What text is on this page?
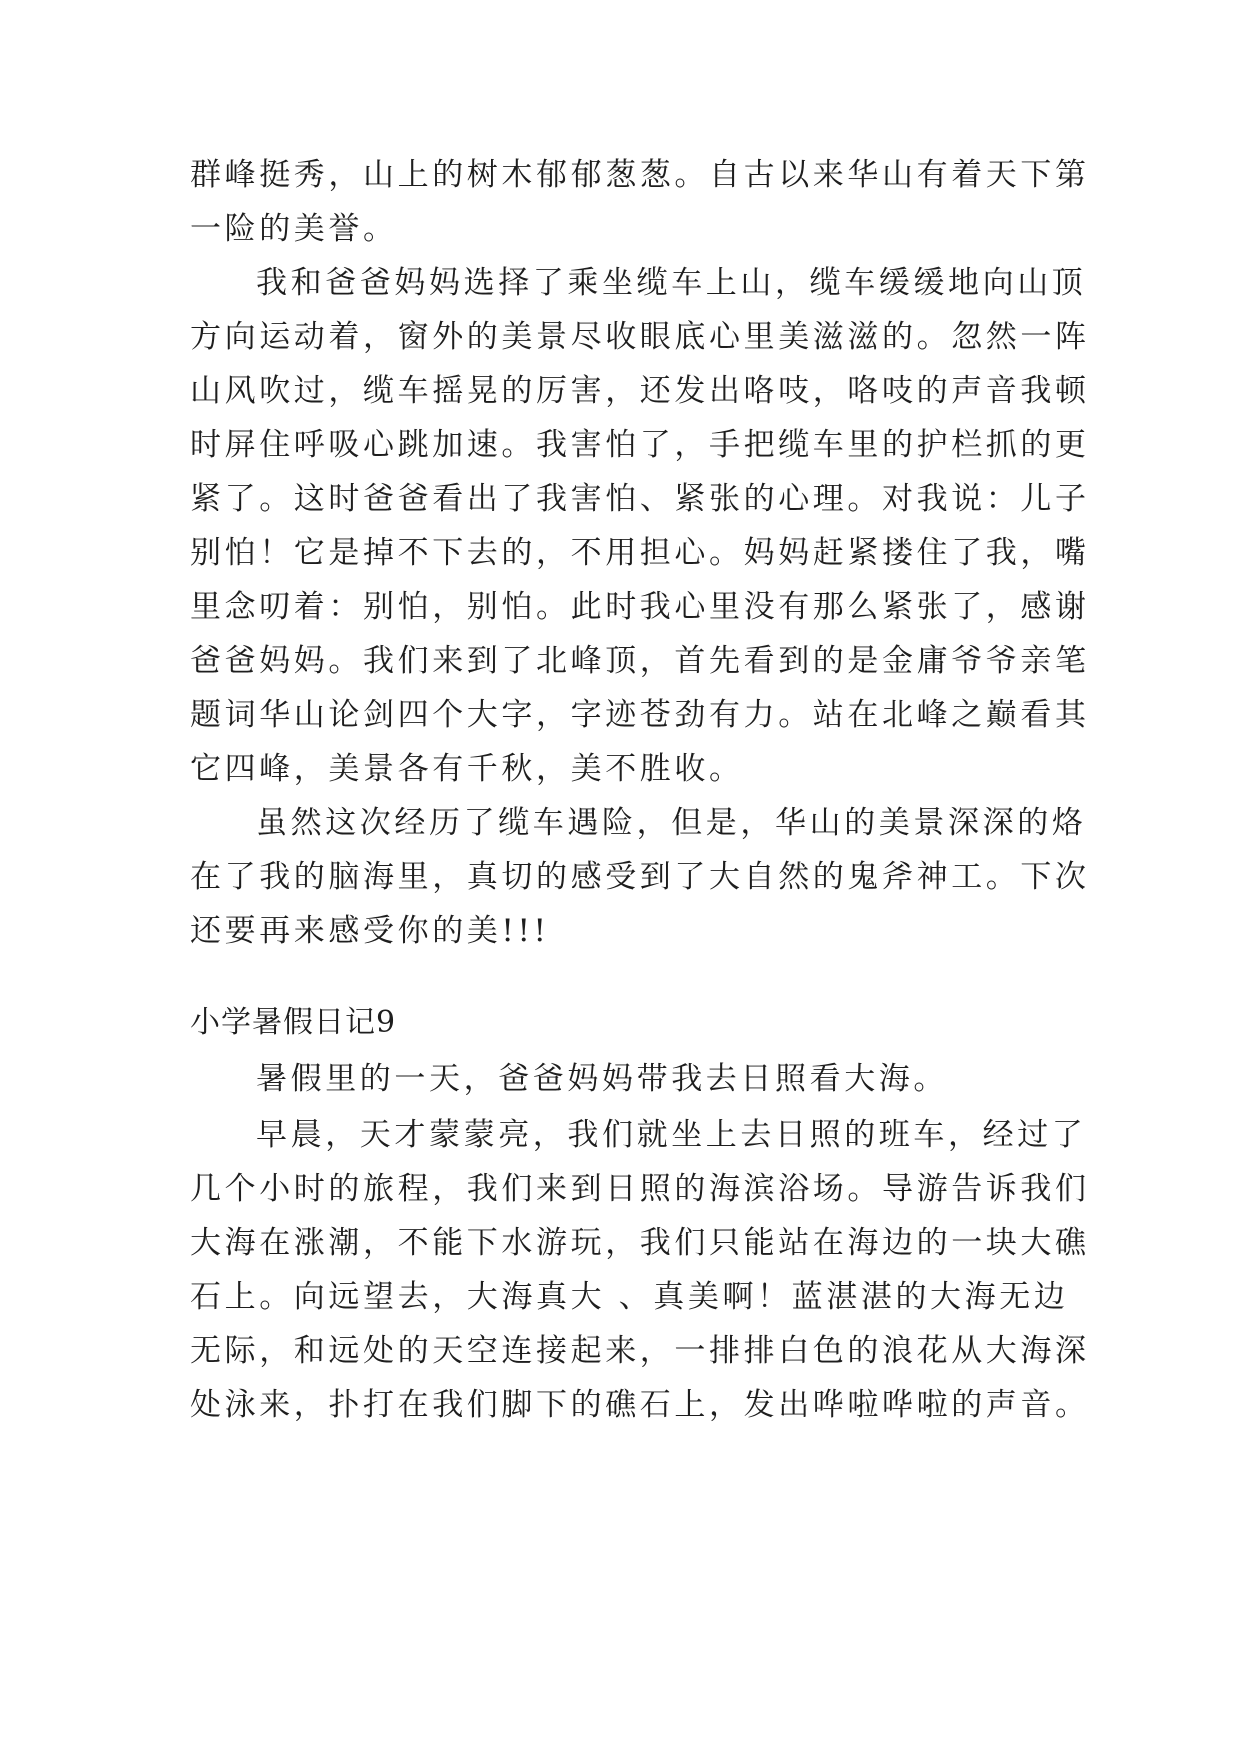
群峰挺秀，山上的树木郁郁葱葱。自古以来华山有着天下第

一险的美誉。

我和爸爸妈妈选择了乘坐缆车上山，缆车缓缓地向山顶

方向运动着，窗外的美景尽收眼底心里美滋滋的。忽然一阵

山风吹过，缆车摇晃的厉害，还发出咯吱，咯吱的声音我顿

时屏住呼吸心跳加速。我害怕了，手把缆车里的护栏抓的更

紧了。这时爸爸看出了我害怕、紧张的心理。对我说：儿子

别怕！它是掉不下去的，不用担心。妈妈赶紧搂住了我，嘴

里念叨着：别怕，别怕。此时我心里没有那么紧张了，感谢

爸爸妈妈。我们来到了北峰顶，首先看到的是金庸爷爷亲笔

题词华山论剑四个大字，字迹苍劲有力。站在北峰之巅看其

它四峰，美景各有千秋，美不胜收。

虽然这次经历了缆车遇险，但是，华山的美景深深的烙

在了我的脑海里，真切的感受到了大自然的鬼斧神工。下次

还要再来感受你的美!!!

小学暑假日记9

暑假里的一天，爸爸妈妈带我去日照看大海。

早晨，天才蒙蒙亮，我们就坐上去日照的班车，经过了

几个小时的旅程，我们来到日照的海滨浴场。导游告诉我们

大海在涨潮，不能下水游玩，我们只能站在海边的一块大礁

石上。向远望去，大海真大 、真美啊！蓝湛湛的大海无边

无际，和远处的天空连接起来，一排排白色的浪花从大海深

处泳来，扑打在我们脚下的礁石上，发出哗啦哗啦的声音。
